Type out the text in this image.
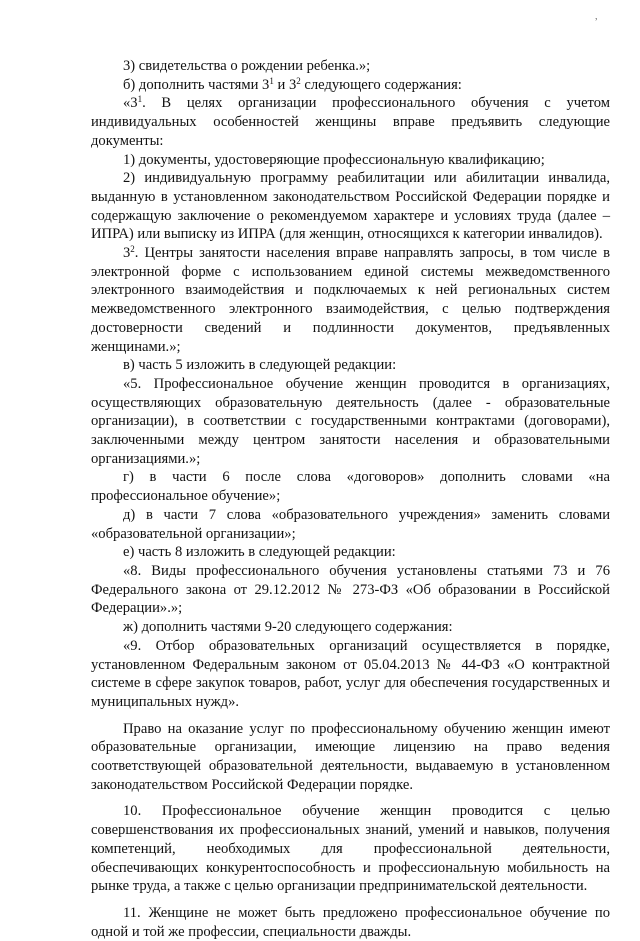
’

3) свидетельства о рождении ребенка.»;

б) дополнить частями $3^1$ и $3^2$ следующего содержания:

«$3^1$. В целях организации профессионального обучения с учетом индивидуальных особенностей женщины вправе предъявить следующие документы:

1) документы, удостоверяющие профессиональную квалификацию;

2) индивидуальную программу реабилитации или абилитации инвалида, выданную в установленном законодательством Российской Федерации порядке и содержащую заключение о рекомендуемом характере и условиях труда (далее – ИПРА) или выписку из ИПРА (для женщин, относящихся к категории инвалидов).

$3^2$. Центры занятости населения вправе направлять запросы, в том числе в электронной форме с использованием единой системы межведомственного электронного взаимодействия и подключаемых к ней региональных систем межведомственного электронного взаимодействия, с целью подтверждения достоверности сведений и подлинности документов, предъявленных женщинами.»;

в) часть 5 изложить в следующей редакции:

«5. Профессиональное обучение женщин проводится в организациях, осуществляющих образовательную деятельность (далее - образовательные организации), в соответствии с государственными контрактами (договорами), заключенными между центром занятости населения и образовательными организациями.»;

г) в части 6 после слова «договоров» дополнить словами «на профессиональное обучение»;

д) в части 7 слова «образовательного учреждения» заменить словами «образовательной организации»;

е) часть 8 изложить в следующей редакции:

«8. Виды профессионального обучения установлены статьями 73 и 76 Федерального закона от 29.12.2012 № 273-ФЗ «Об образовании в Российской Федерации».»;

ж) дополнить частями 9-20 следующего содержания:

«9. Отбор образовательных организаций осуществляется в порядке, установленном Федеральным законом от 05.04.2013 № 44-ФЗ «О контрактной системе в сфере закупок товаров, работ, услуг для обеспечения государственных и муниципальных нужд».

Право на оказание услуг по профессиональному обучению женщин имеют образовательные организации, имеющие лицензию на право ведения соответствующей образовательной деятельности, выдаваемую в установленном законодательством Российской Федерации порядке.

10. Профессиональное обучение женщин проводится с целью совершенствования их профессиональных знаний, умений и навыков, получения компетенций, необходимых для профессиональной деятельности, обеспечивающих конкурентоспособность и профессиональную мобильность на рынке труда, а также с целью организации предпринимательской деятельности.

11. Женщине не может быть предложено профессиональное обучение по одной и той же профессии, специальности дважды.
